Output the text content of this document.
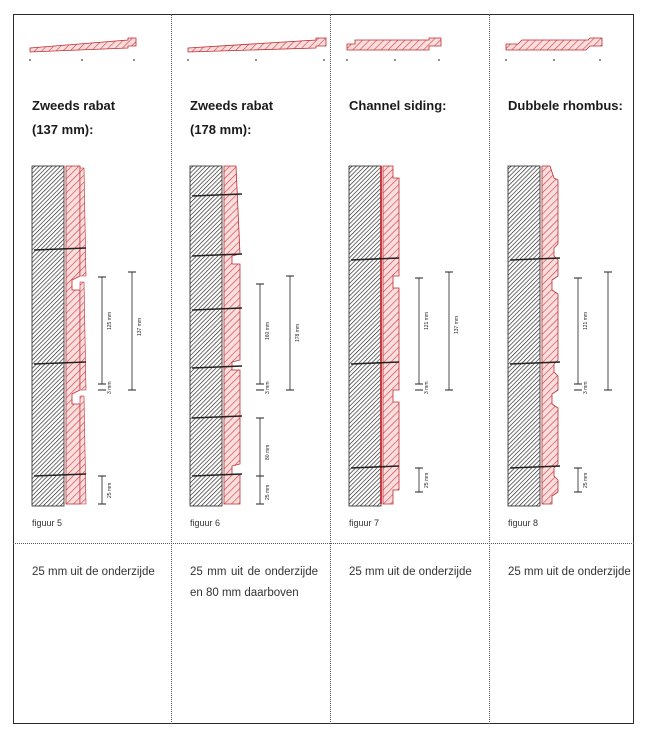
Zweeds rabat
(137 mm):
125 mm
3 mm
137 mm
25 mm
figuur 5
25 mm uit de onderzijde
Zweeds rabat
(178 mm):
160 mm
3 mm
178 mm
80 mm
25 mm
figuur 6
25 mm uit de onderzijde en 80 mm daarboven
Channel siding:
121 mm
3 mm
137 mm
25 mm
figuur 7
25 mm uit de onderzijde
Dubbele rhombus:
121 mm
3 mm
25 mm
figuur 8
25 mm uit de onderzijde
